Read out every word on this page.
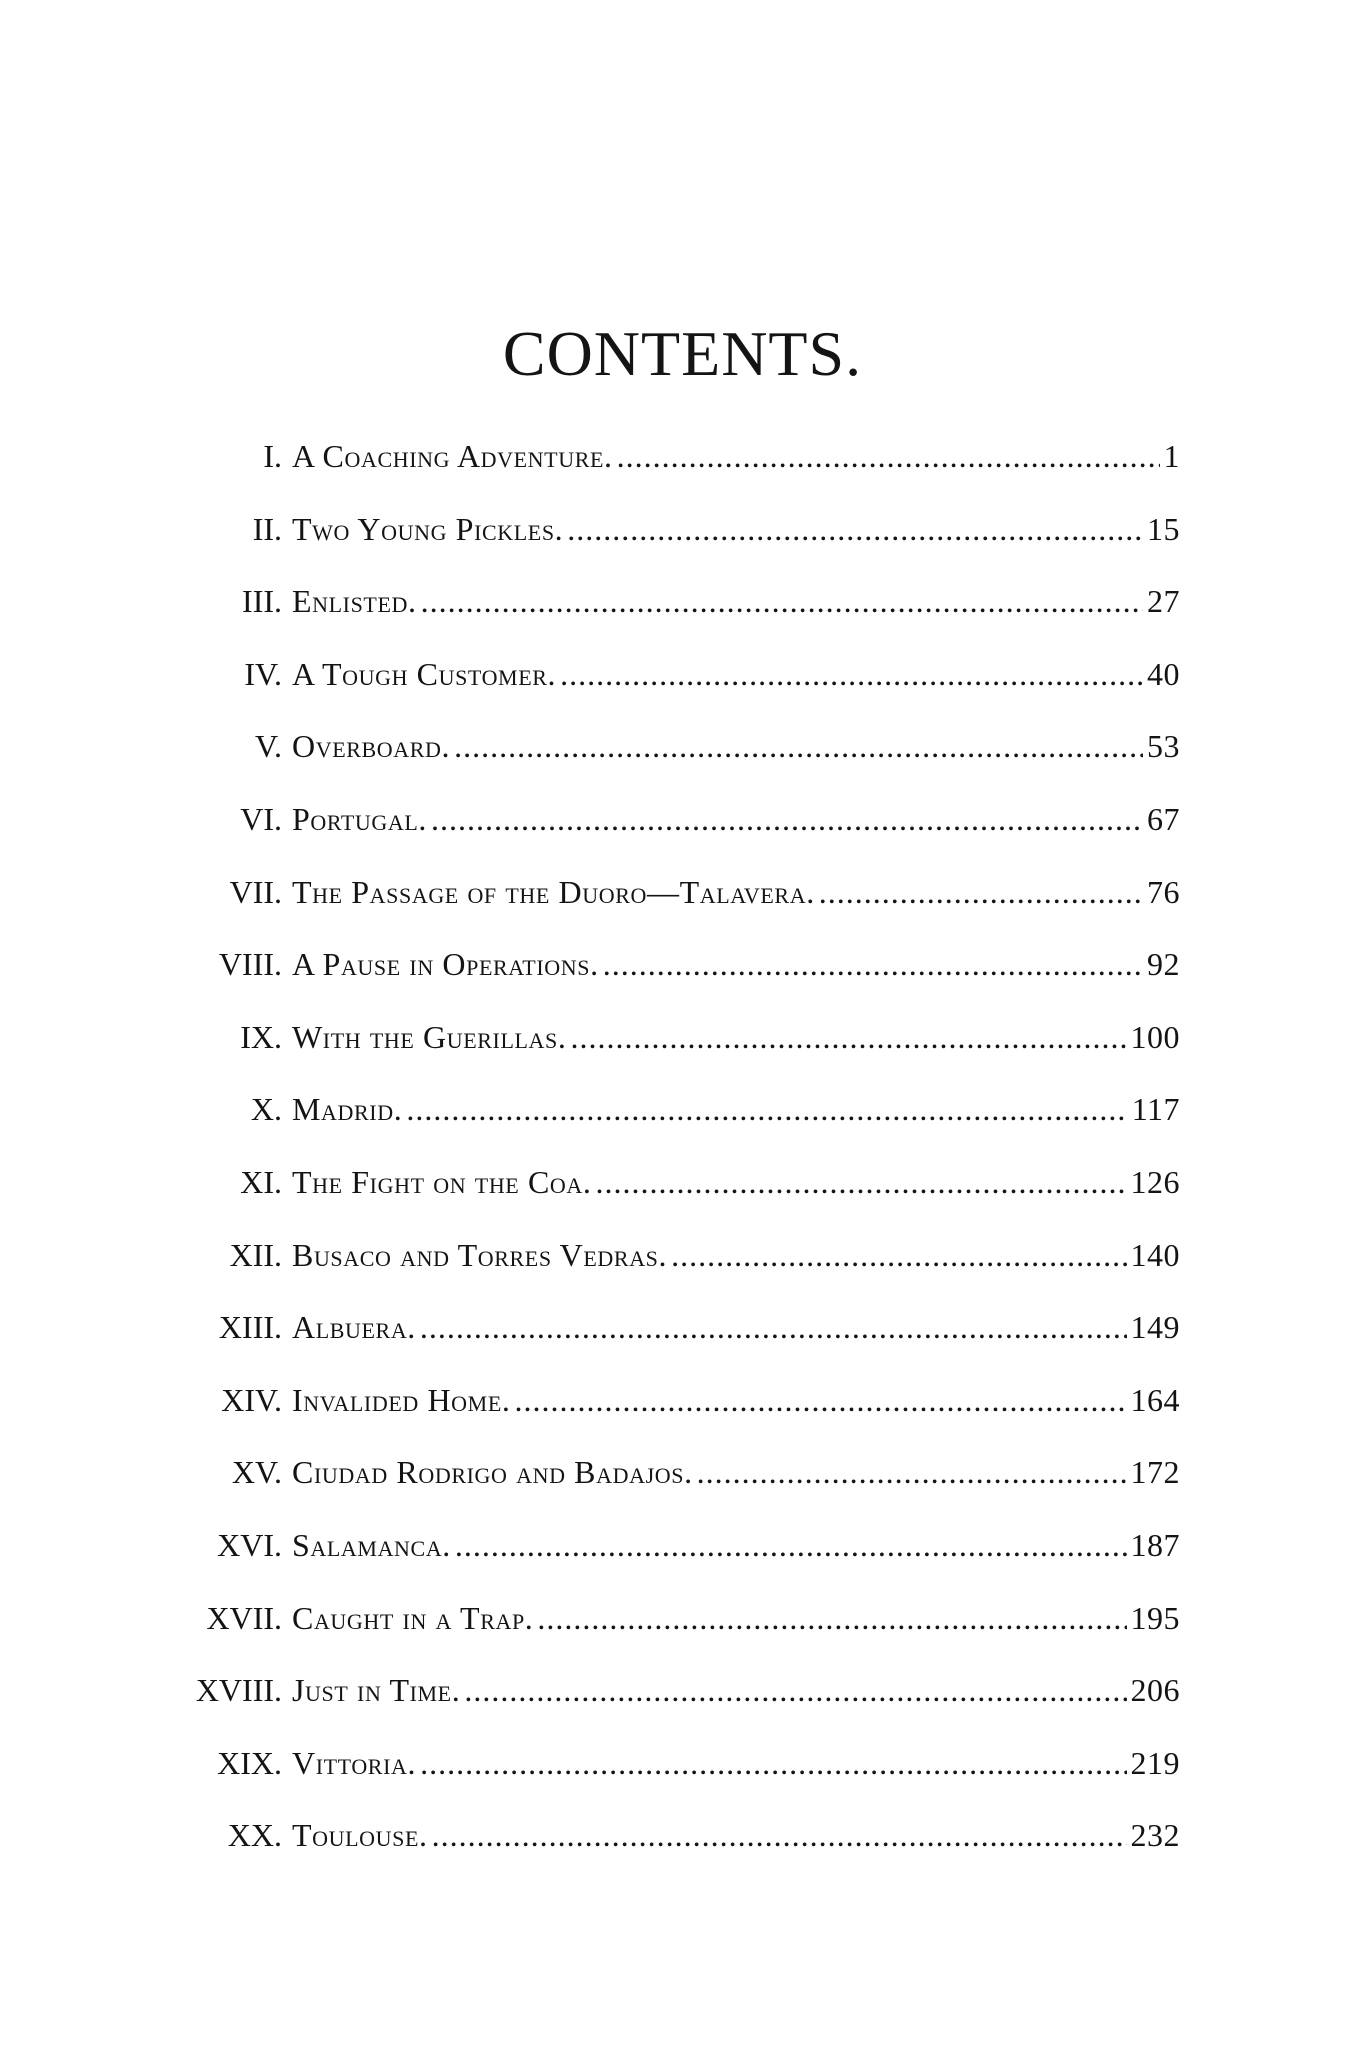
CONTENTS.
I. A Coaching Adventure. .....	1
II. Two Young Pickles. .....	15
III. Enlisted. .....	27
IV. A Tough Customer. .....	40
V. Overboard. .....	53
VI. Portugal. .....	67
VII. The Passage of the Duoro—Talavera. .....	76
VIII. A Pause in Operations. .....	92
IX. With the Guerillas. .....	100
X. Madrid. .....	117
XI. The Fight on the Coa. .....	126
XII. Busaco and Torres Vedras. .....	140
XIII. Albuera. .....	149
XIV. Invalided Home. .....	164
XV. Ciudad Rodrigo and Badajos. .....	172
XVI. Salamanca. .....	187
XVII. Caught in a Trap. .....	195
XVIII. Just in Time. .....	206
XIX. Vittoria. .....	219
XX. Toulouse. .....	232
